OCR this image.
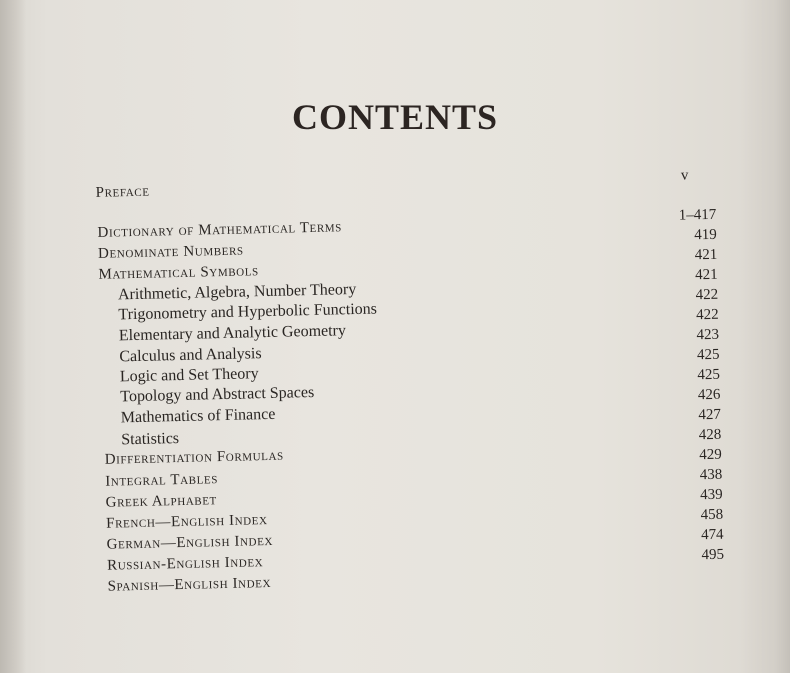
CONTENTS
Preface
Dictionary of Mathematical Terms
Denominate Numbers
Mathematical Symbols
Arithmetic, Algebra, Number Theory
Trigonometry and Hyperbolic Functions
Elementary and Analytic Geometry
Calculus and Analysis
Logic and Set Theory
Topology and Abstract Spaces
Mathematics of Finance
Statistics
Differentiation Formulas
Integral Tables
Greek Alphabet
French—English Index
German—English Index
Russian-English Index
Spanish—English Index
v
1–417
419
421
421
422
422
423
425
425
426
427
428
429
438
439
458
474
495
